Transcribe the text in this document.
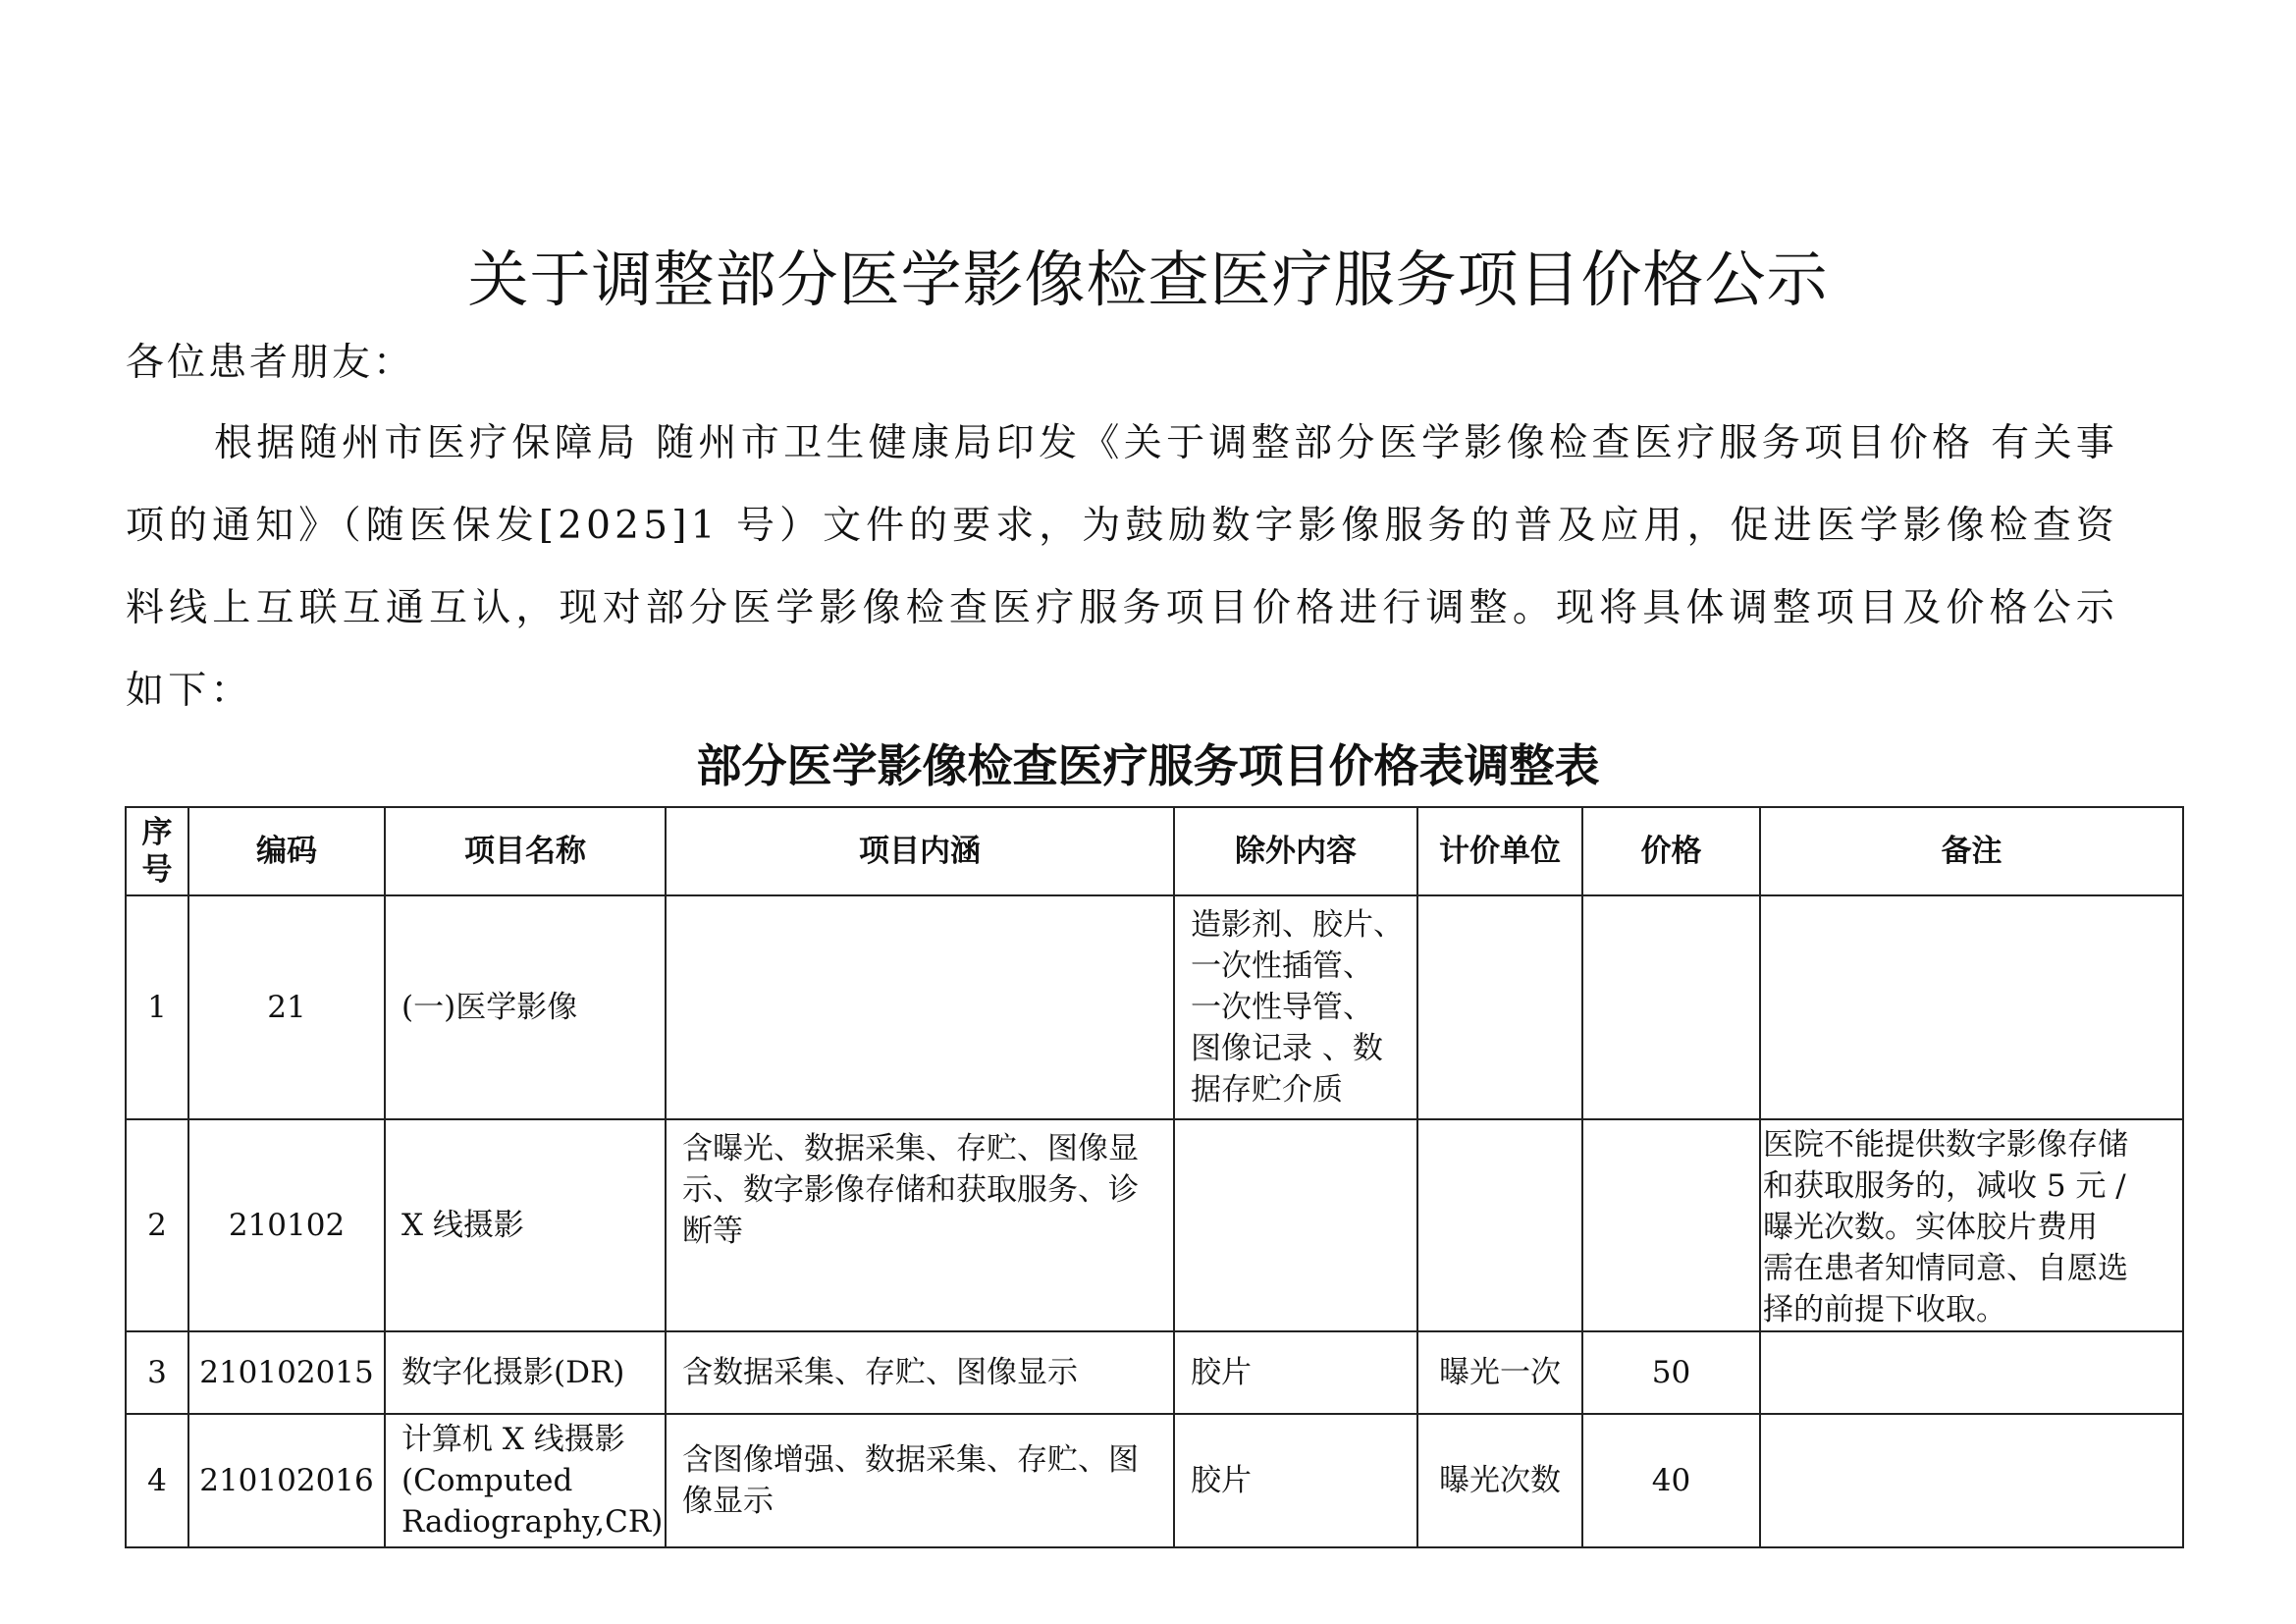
关于调整部分医学影像检查医疗服务项目价格公示

各位患者朋友：

根据随州市医疗保障局 随州市卫生健康局印发《关于调整部分医学影像检查医疗服务项目价格 有关事项的通知》（随医保发[2025]1 号）文件的要求，为鼓励数字影像服务的普及应用，促进医学影像检查资料线上互联互通互认，现对部分医学影像检查医疗服务项目价格进行调整。现将具体调整项目及价格公示如下：

部分医学影像检查医疗服务项目价格表调整表
序
号	编码	项目名称	项目内涵	除外内容	计价单位	价格	备注
1	21	(一)医学影像		造影剂、胶片、
一次性插管、
一次性导管、
图像记录 、数
据存贮介质			
2	210102	X 线摄影	含曝光、数据采集、存贮、图像显
示、数字影像存储和获取服务、诊
断等				医院不能提供数字影像存储
和获取服务的，减收 5 元 /
曝光次数。实体胶片费用
需在患者知情同意、自愿选
择的前提下收取。
3	210102015	数字化摄影(DR)	含数据采集、存贮、图像显示	胶片	曝光一次	50	
4	210102016	计算机 X 线摄影
(Computed
Radiography,CR)	含图像增强、数据采集、存贮、图
像显示	胶片	曝光次数	40	
